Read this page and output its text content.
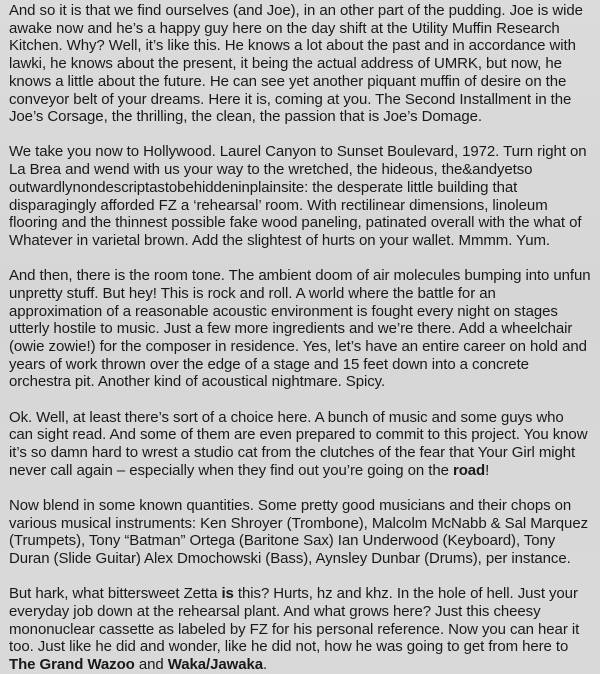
And so it is that we find ourselves (and Joe), in an other part of the pudding. Joe is wide awake now and he’s a happy guy here on the day shift at the Utility Muffin Research Kitchen. Why? Well, it’s like this. He knows a lot about the past and in accordance with lawki, he knows about the present, it being the actual address of UMRK, but now, he knows a little about the future. He can see yet another piquant muffin of desire on the conveyor belt of your dreams. Here it is, coming at you. The Second Installment in the Joe’s Corsage, the thrilling, the clean, the passion that is Joe’s Domage.

We take you now to Hollywood. Laurel Canyon to Sunset Boulevard, 1972. Turn right on La Brea and wend with us your way to the wretched, the hideous, the&andyetso outwardlynondescriptastobehiddeninplainsite: the desperate little building that disparagingly afforded FZ a ‘rehearsal’ room. With rectilinear dimensions, linoleum flooring and the thinnest possible fake wood paneling, patinated overall with the what of Whatever in varietal brown. Add the slightest of hurts on your wallet. Mmmm. Yum.

And then, there is the room tone. The ambient doom of air molecules bumping into unfun unpretty stuff. But hey! This is rock and roll. A world where the battle for an approximation of a reasonable acoustic environment is fought every night on stages utterly hostile to music. Just a few more ingredients and we’re there. Add a wheelchair (owie zowie!) for the composer in residence. Yes, let’s have an entire career on hold and years of work thrown over the edge of a stage and 15 feet down into a concrete orchestra pit. Another kind of acoustical nightmare. Spicy.

Ok. Well, at least there’s sort of a choice here. A bunch of music and some guys who can sight read. And some of them are even prepared to commit to this project. You know it’s so damn hard to wrest a studio cat from the clutches of the fear that Your Girl might never call again – especially when they find out you’re going on the road!

Now blend in some known quantities. Some pretty good musicians and their chops on various musical instruments: Ken Shroyer (Trombone), Malcolm McNabb & Sal Marquez (Trumpets), Tony “Batman” Ortega (Baritone Sax) Ian Underwood (Keyboard), Tony Duran (Slide Guitar) Alex Dmochowski (Bass), Aynsley Dunbar (Drums), per instance.

But hark, what bittersweet Zetta is this? Hurts, hz and khz. In the hole of hell. Just your everyday job down at the rehearsal plant. And what grows here? Just this cheesy mononuclear cassette as labeled by FZ for his personal reference. Now you can hear it too. Just like he did and wonder, like he did not, how he was going to get from here to The Grand Wazoo and Waka/Jawaka.
